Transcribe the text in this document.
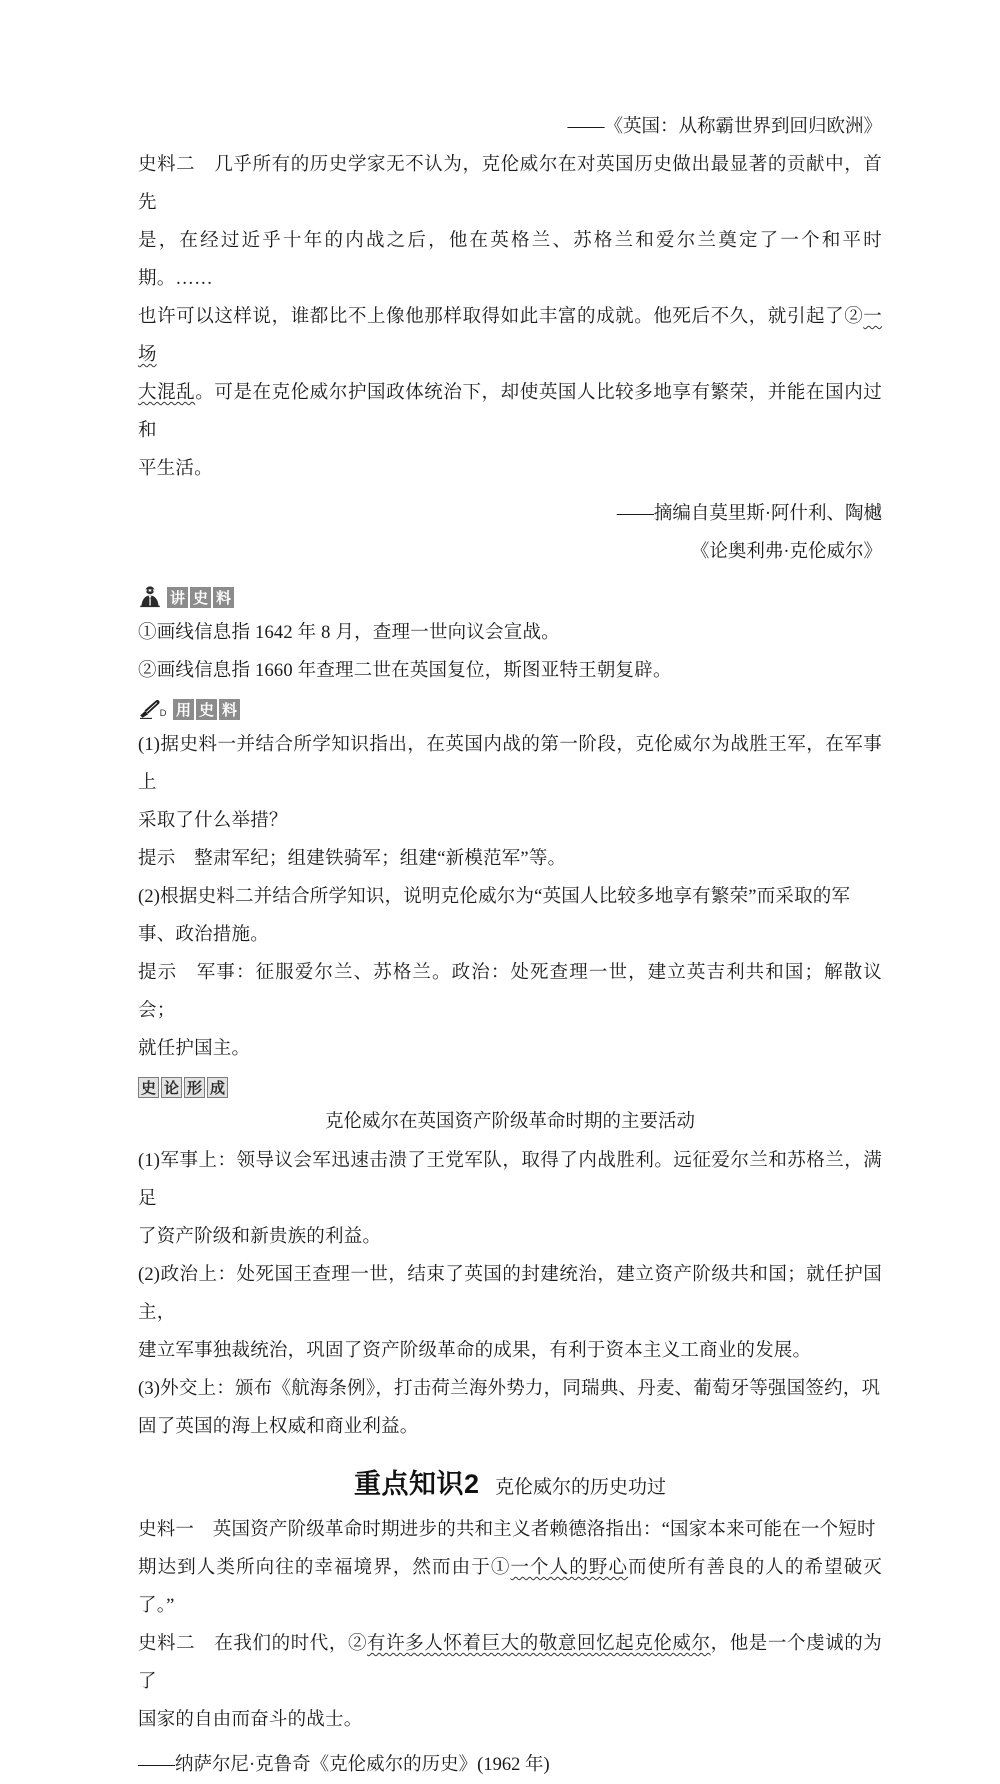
——《英国：从称霸世界到回归欧洲》

史料二　几乎所有的历史学家无不认为，克伦威尔在对英国历史做出最显著的贡献中，首先

是，在经过近乎十年的内战之后，他在英格兰、苏格兰和爱尔兰奠定了一个和平时期。……

也许可以这样说，谁都比不上像他那样取得如此丰富的成就。他死后不久，就引起了②一场

大混乱。可是在克伦威尔护国政体统治下，却使英国人比较多地享有繁荣，并能在国内过和

平生活。

——摘编自莫里斯·阿什利、陶樾

《论奥利弗·克伦威尔》

讲 史 料

①画线信息指 1642 年 8 月，查理一世向议会宣战。

②画线信息指 1660 年查理二世在英国复位，斯图亚特王朝复辟。

D 用 史 料

(1)据史料一并结合所学知识指出，在英国内战的第一阶段，克伦威尔为战胜王军，在军事上

采取了什么举措？

提示　整肃军纪；组建铁骑军；组建“新模范军”等。

(2)根据史料二并结合所学知识，说明克伦威尔为“英国人比较多地享有繁荣”而采取的军

事、政治措施。

提示　军事：征服爱尔兰、苏格兰。政治：处死查理一世，建立英吉利共和国；解散议会；

就任护国主。

史 论 形 成

克伦威尔在英国资产阶级革命时期的主要活动

(1)军事上：领导议会军迅速击溃了王党军队，取得了内战胜利。远征爱尔兰和苏格兰，满足

了资产阶级和新贵族的利益。

(2)政治上：处死国王查理一世，结束了英国的封建统治，建立资产阶级共和国；就任护国主，

建立军事独裁统治，巩固了资产阶级革命的成果，有利于资本主义工商业的发展。

(3)外交上：颁布《航海条例》，打击荷兰海外势力，同瑞典、丹麦、葡萄牙等强国签约，巩

固了英国的海上权威和商业利益。

重点知识 2 克伦威尔的历史功过

史料一　英国资产阶级革命时期进步的共和主义者赖德洛指出：“国家本来可能在一个短时

期达到人类所向往的幸福境界，然而由于①一个人的野心而使所有善良的人的希望破灭了。”

史料二　在我们的时代，②有许多人怀着巨大的敬意回忆起克伦威尔，他是一个虔诚的为了

国家的自由而奋斗的战士。

——纳萨尔尼·克鲁奇《克伦威尔的历史》(1962 年)
